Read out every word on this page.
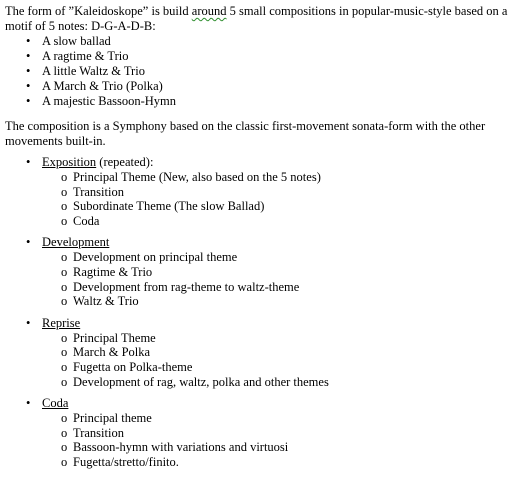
The form of ”Kaleidoskope” is build around 5 small compositions in popular-music-style based on a motif of 5 notes: D-G-A-D-B:

• A slow ballad
• A ragtime & Trio
• A little Waltz & Trio
• A March & Trio (Polka)
• A majestic Bassoon-Hymn

The composition is a Symphony based on the classic first-movement sonata-form with the other movements built-in.

• Exposition (repeated):
o Principal Theme (New, also based on the 5 notes)
o Transition
o Subordinate Theme (The slow Ballad)
o Coda
• Development
o Development on principal theme
o Ragtime & Trio
o Development from rag-theme to waltz-theme
o Waltz & Trio
• Reprise
o Principal Theme
o March & Polka
o Fugetta on Polka-theme
o Development of rag, waltz, polka and other themes
• Coda
o Principal theme
o Transition
o Bassoon-hymn with variations and virtuosi
o Fugetta/stretto/finito.
